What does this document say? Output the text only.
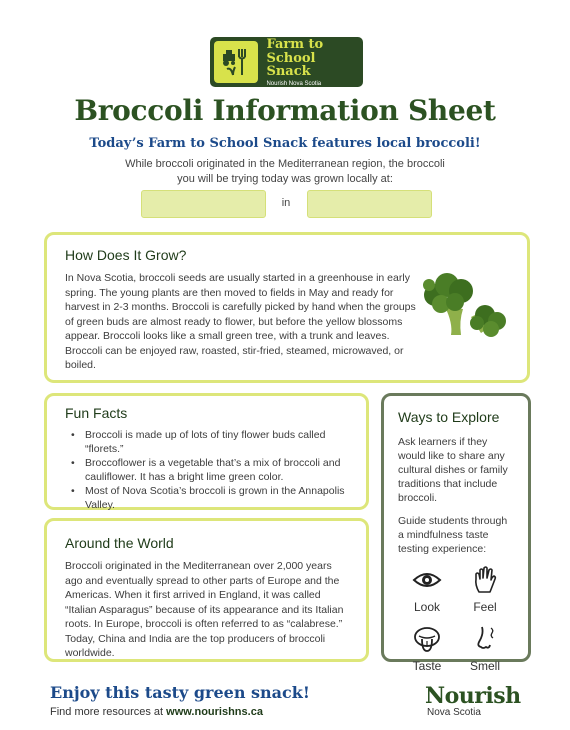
Farm to
School Snack
Nourish Nova Scotia
Broccoli Information Sheet
Today’s Farm to School Snack features local broccoli!

While broccoli originated in the Mediterranean region, the broccoli you will be trying today was grown locally at:

in
How Does It Grow?

In Nova Scotia, broccoli seeds are usually started in a greenhouse in early spring. The young plants are then moved to fields in May and ready for harvest in 2-3 months. Broccoli is carefully picked by hand when the groups of green buds are almost ready to flower, but before the yellow blossoms appear. Broccoli looks like a small green tree, with a trunk and leaves. Broccoli can be enjoyed raw, roasted, stir-fried, steamed, microwaved, or boiled.

Fun Facts
• Broccoli is made up of lots of tiny flower buds called “florets.”
• Broccoflower is a vegetable that’s a mix of broccoli and cauliflower. It has a bright lime green color.
• Most of Nova Scotia’s broccoli is grown in the Annapolis Valley.
Around the World

Broccoli originated in the Mediterranean over 2,000 years ago and eventually spread to other parts of Europe and the Americas. When it first arrived in England, it was called “Italian Asparagus” because of its appearance and its Italian roots. In Europe, broccoli is often referred to as “calabrese.” Today, China and India are the top producers of broccoli worldwide.

Ways to Explore

Ask learners if they would like to share any cultural dishes or family traditions that include broccoli.

Guide students through a mindfulness taste testing experience:

Look	Feel
Taste	Smell
Enjoy this tasty green snack!
Find more resources at www.nourishns.ca
Nourish
Nova Scotia
